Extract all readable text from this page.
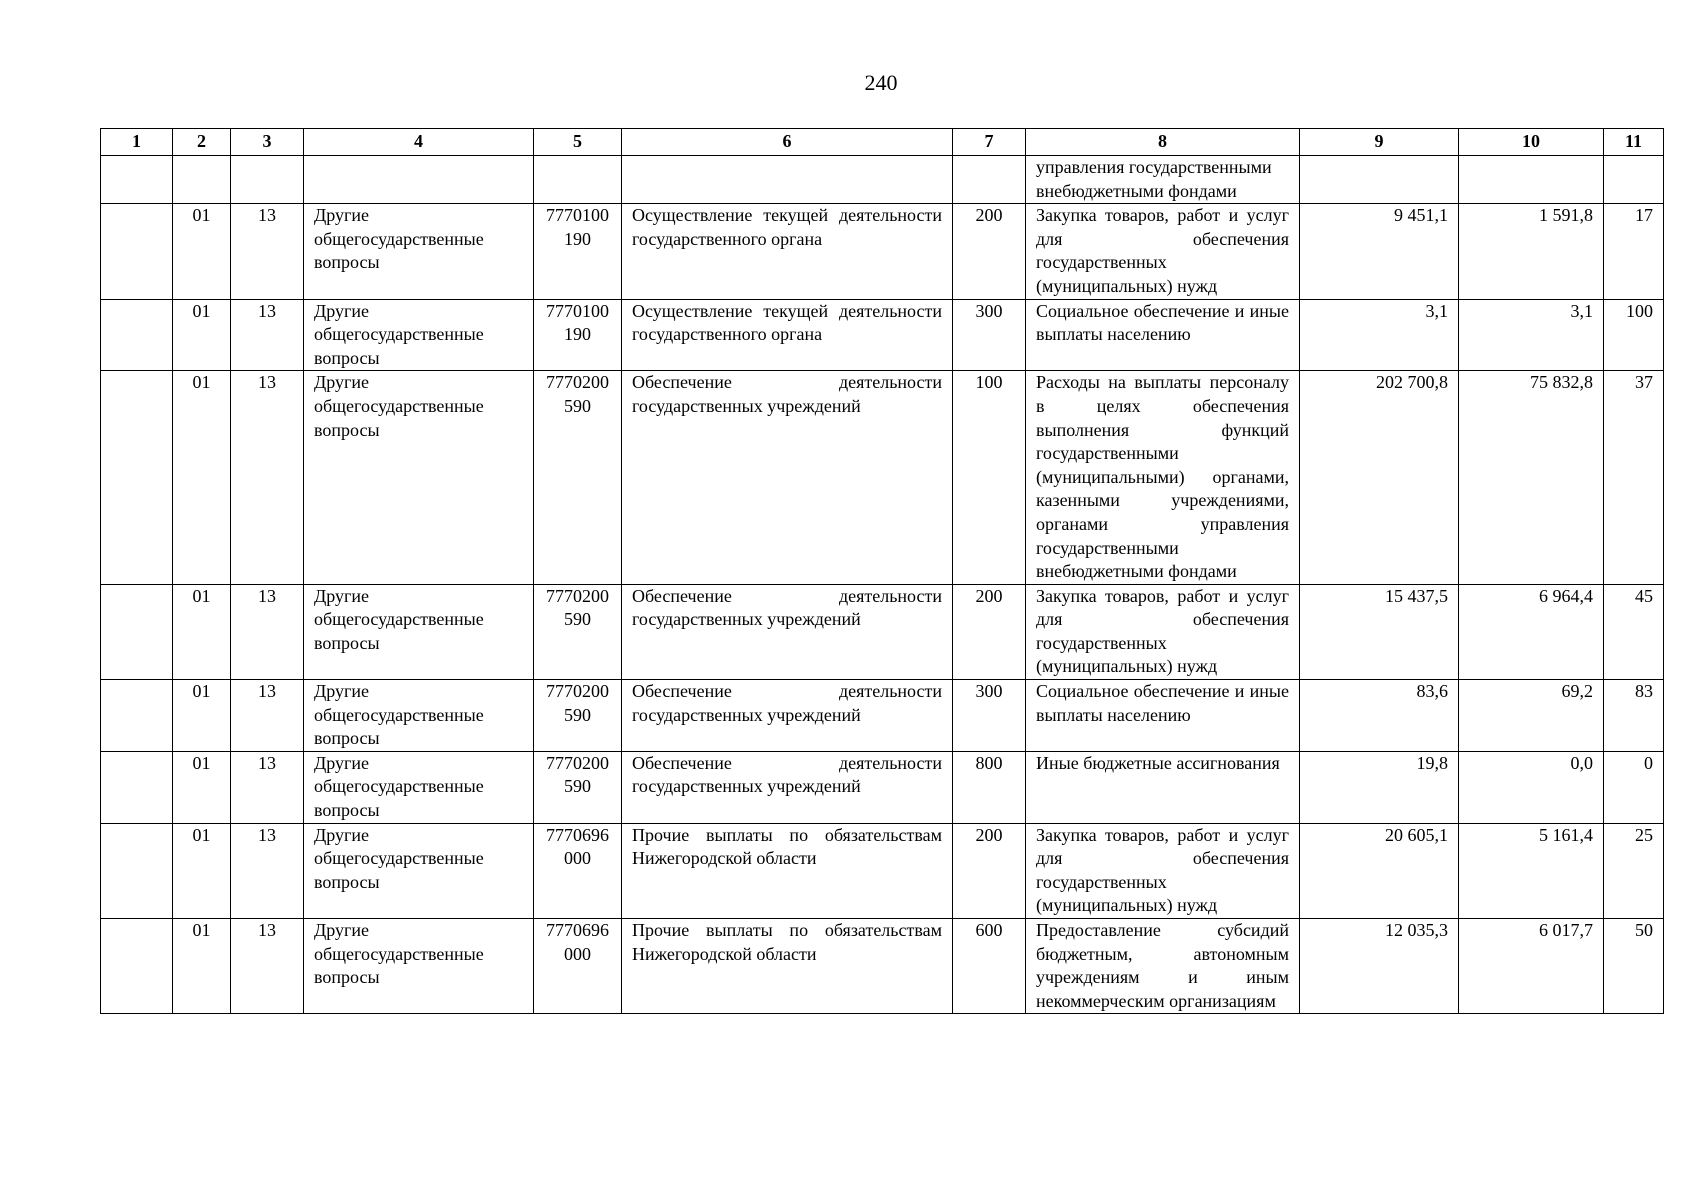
240
1	2	3	4	5	6	7	8	9	10	11
							управления государственными внебюджетными фондами			
	01	13	Другие общегосударственные вопросы	7770100190	Осуществление текущей деятельности государственного органа	200	Закупка товаров, работ и услуг для обеспечения государственных (муниципальных) нужд	9 451,1	1 591,8	17
	01	13	Другие общегосударственные вопросы	7770100190	Осуществление текущей деятельности государственного органа	300	Социальное обеспечение и иные выплаты населению	3,1	3,1	100
	01	13	Другие общегосударственные вопросы	7770200590	Обеспечение деятельности государственных учреждений	100	Расходы на выплаты персоналу в целях обеспечения выполнения функций государственными (муниципальными) органами, казенными учреждениями, органами управления государственными внебюджетными фондами	202 700,8	75 832,8	37
	01	13	Другие общегосударственные вопросы	7770200590	Обеспечение деятельности государственных учреждений	200	Закупка товаров, работ и услуг для обеспечения государственных (муниципальных) нужд	15 437,5	6 964,4	45
	01	13	Другие общегосударственные вопросы	7770200590	Обеспечение деятельности государственных учреждений	300	Социальное обеспечение и иные выплаты населению	83,6	69,2	83
	01	13	Другие общегосударственные вопросы	7770200590	Обеспечение деятельности государственных учреждений	800	Иные бюджетные ассигнования	19,8	0,0	0
	01	13	Другие общегосударственные вопросы	7770696000	Прочие выплаты по обязательствам Нижегородской области	200	Закупка товаров, работ и услуг для обеспечения государственных (муниципальных) нужд	20 605,1	5 161,4	25
	01	13	Другие общегосударственные вопросы	7770696000	Прочие выплаты по обязательствам Нижегородской области	600	Предоставление субсидий бюджетным, автономным учреждениям и иным некоммерческим организациям	12 035,3	6 017,7	50
